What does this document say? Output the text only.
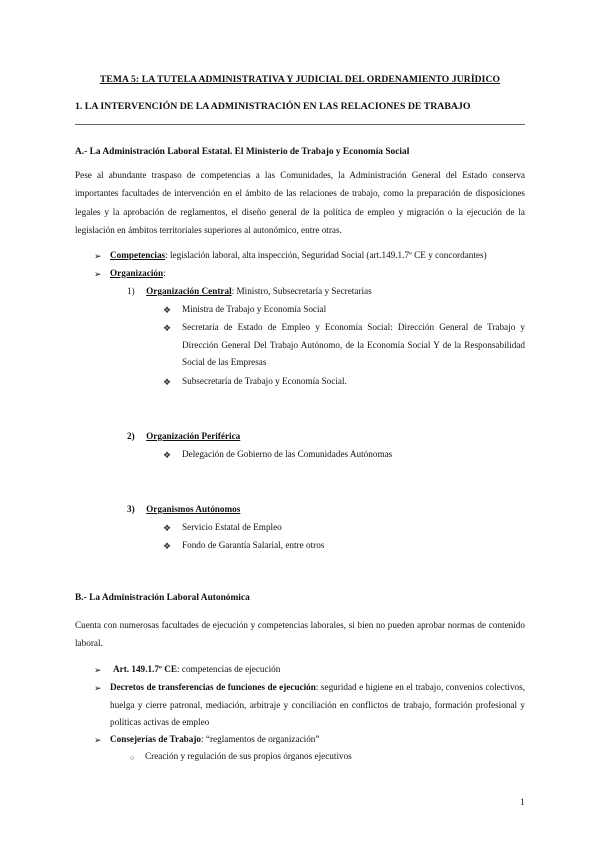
TEMA 5: LA TUTELA ADMINISTRATIVA Y JUDICIAL DEL ORDENAMIENTO JURÍDICO
1. LA INTERVENCIÓN DE LA ADMINISTRACIÓN EN LAS RELACIONES DE TRABAJO
A.- La Administración Laboral Estatal. El Ministerio de Trabajo y Economía Social
Pese al abundante traspaso de competencias a las Comunidades, la Administración General del Estado conserva importantes facultades de intervención en el ámbito de las relaciones de trabajo, como la preparación de disposiciones legales y la aprobación de reglamentos, el diseño general de la política de empleo y migración o la ejecución de la legislación en ámbitos territoriales superiores al autonómico, entre otras.
➢ Competencias: legislación laboral, alta inspección, Seguridad Social (art.149.1.7º CE y concordantes)
➢ Organización:
1) Organización Central: Ministro, Subsecretaría y Secretarias
❖ Ministra de Trabajo y Economía Social
❖ Secretaría de Estado de Empleo y Economía Social: Dirección General de Trabajo y Dirección General Del Trabajo Autónomo, de la Economía Social Y de la Responsabilidad Social de las Empresas
❖ Subsecretaría de Trabajo y Economía Social.
2) Organización Periférica
❖ Delegación de Gobierno de las Comunidades Autónomas
3) Organismos Autónomos
❖ Servicio Estatal de Empleo
❖ Fondo de Garantía Salarial, entre otros
B.- La Administración Laboral Autonómica
Cuenta con numerosas facultades de ejecución y competencias laborales, si bien no pueden aprobar normas de contenido laboral.
➢ Art. 149.1.7º CE: competencias de ejecución
➢ Decretos de transferencias de funciones de ejecución: seguridad e higiene en el trabajo, convenios colectivos, huelga y cierre patronal, mediación, arbitraje y conciliación en conflictos de trabajo, formación profesional y políticas activas de empleo
➢ Consejerías de Trabajo: “reglamentos de organización”
○ Creación y regulación de sus propios órganos ejecutivos
1
